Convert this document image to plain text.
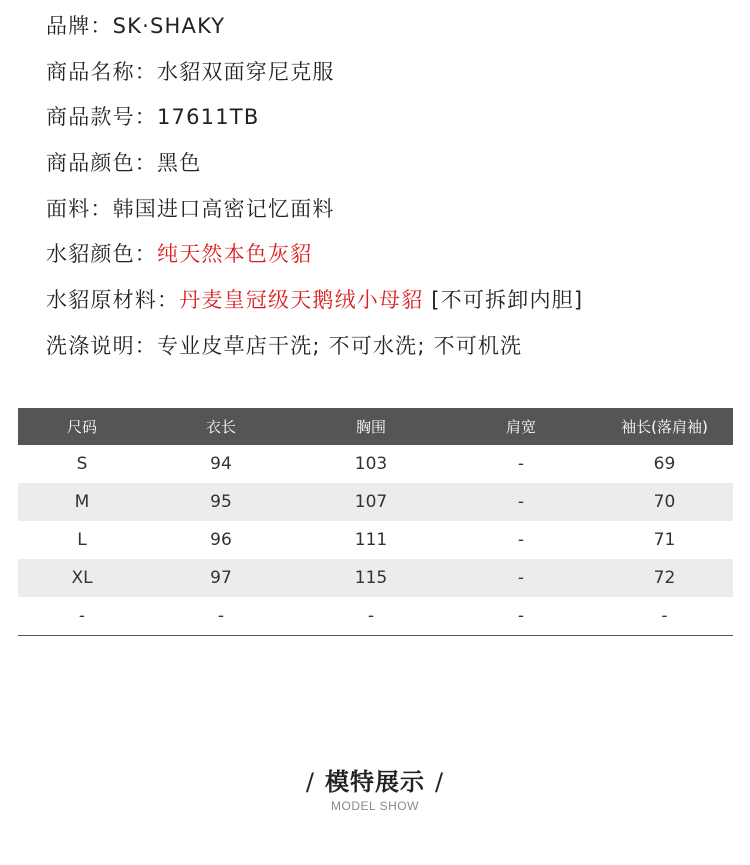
品牌：SK·SHAKY
商品名称：水貂双面穿尼克服
商品款号：17611TB
商品颜色：黑色
面料：韩国进口高密记忆面料
水貂颜色：纯天然本色灰貂
水貂原材料：丹麦皇冠级天鹅绒小母貂 [不可拆卸内胆]
洗涤说明：专业皮草店干洗; 不可水洗; 不可机洗
尺码	衣长	胸围	肩宽	袖长(落肩袖)
S	94	103	-	69
M	95	107	-	70
L	96	111	-	71
XL	97	115	-	72
-	-	-	-	-
/ 模特展示 /
MODEL SHOW
